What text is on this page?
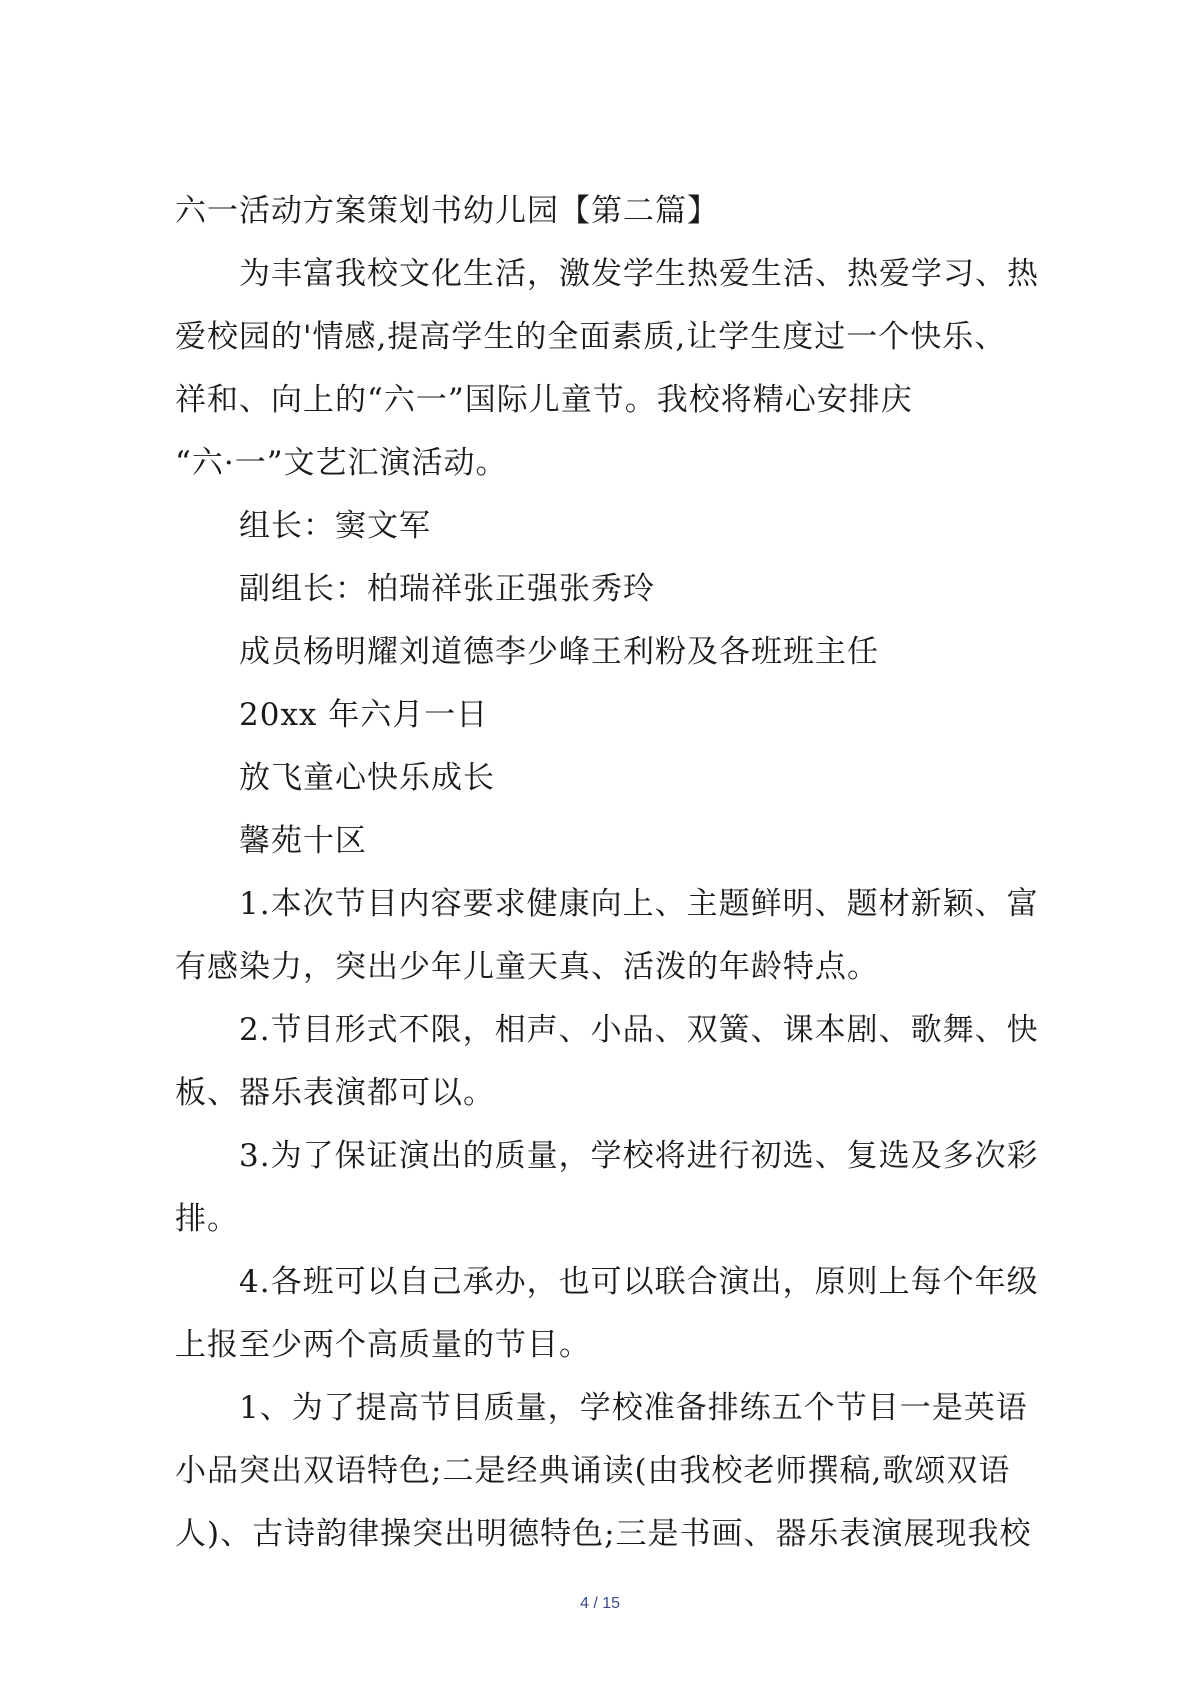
六一活动方案策划书幼儿园【第二篇】
为丰富我校文化生活，激发学生热爱生活、热爱学习、热
爱校园的'情感,提高学生的全面素质,让学生度过一个快乐、
祥和、向上的“六一”国际儿童节。我校将精心安排庆
“六·一”文艺汇演活动。
组长：窦文军
副组长：柏瑞祥张正强张秀玲
成员杨明耀刘道德李少峰王利粉及各班班主任
20xx 年六月一日
放飞童心快乐成长
馨苑十区
1.本次节目内容要求健康向上、主题鲜明、题材新颖、富
有感染力，突出少年儿童天真、活泼的年龄特点。
2.节目形式不限，相声、小品、双簧、课本剧、歌舞、快
板、器乐表演都可以。
3.为了保证演出的质量，学校将进行初选、复选及多次彩
排。
4.各班可以自己承办，也可以联合演出，原则上每个年级
上报至少两个高质量的节目。
1、为了提高节目质量，学校准备排练五个节目一是英语
小品突出双语特色;二是经典诵读(由我校老师撰稿,歌颂双语
人)、古诗韵律操突出明德特色;三是书画、器乐表演展现我校
4 / 15
